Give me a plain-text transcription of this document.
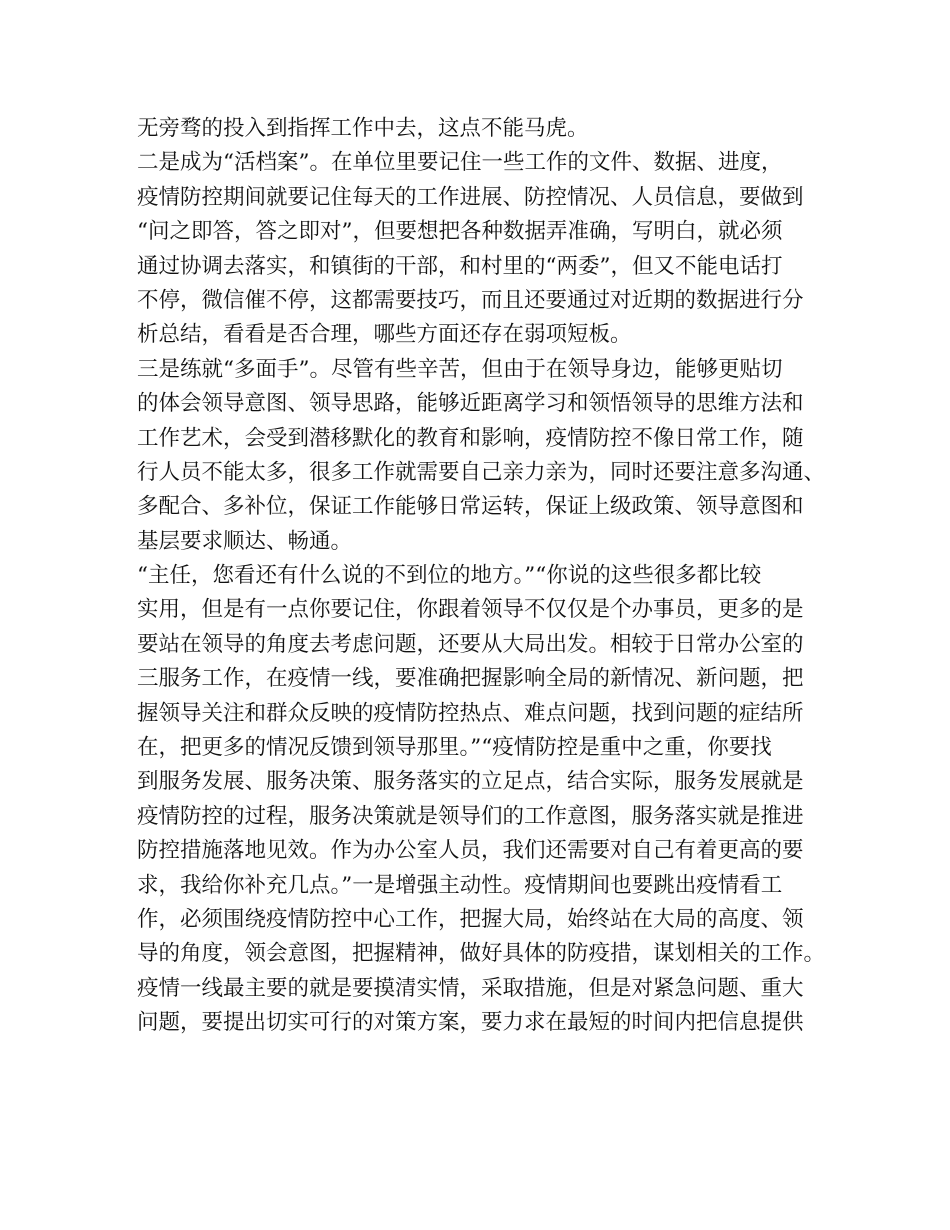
无旁骛的投入到指挥工作中去，这点不能马虎。
二是成为“活档案”。在单位里要记住一些工作的文件、数据、进度，
疫情防控期间就要记住每天的工作进展、防控情况、人员信息，要做到
“问之即答，答之即对”，但要想把各种数据弄准确，写明白，就必须
通过协调去落实，和镇街的干部，和村里的“两委”，但又不能电话打
不停，微信催不停，这都需要技巧，而且还要通过对近期的数据进行分
析总结，看看是否合理，哪些方面还存在弱项短板。
三是练就“多面手”。尽管有些辛苦，但由于在领导身边，能够更贴切
的体会领导意图、领导思路，能够近距离学习和领悟领导的思维方法和
工作艺术，会受到潜移默化的教育和影响，疫情防控不像日常工作，随
行人员不能太多，很多工作就需要自己亲力亲为，同时还要注意多沟通、
多配合、多补位，保证工作能够日常运转，保证上级政策、领导意图和
基层要求顺达、畅通。
“主任，您看还有什么说的不到位的地方。”“你说的这些很多都比较
实用，但是有一点你要记住，你跟着领导不仅仅是个办事员，更多的是
要站在领导的角度去考虑问题，还要从大局出发。相较于日常办公室的
三服务工作，在疫情一线，要准确把握影响全局的新情况、新问题，把
握领导关注和群众反映的疫情防控热点、难点问题，找到问题的症结所
在，把更多的情况反馈到领导那里。”“疫情防控是重中之重，你要找
到服务发展、服务决策、服务落实的立足点，结合实际，服务发展就是
疫情防控的过程，服务决策就是领导们的工作意图，服务落实就是推进
防控措施落地见效。作为办公室人员，我们还需要对自己有着更高的要
求，我给你补充几点。”一是增强主动性。疫情期间也要跳出疫情看工
作，必须围绕疫情防控中心工作，把握大局，始终站在大局的高度、领
导的角度，领会意图，把握精神，做好具体的防疫措，谋划相关的工作。
疫情一线最主要的就是要摸清实情，采取措施，但是对紧急问题、重大
问题，要提出切实可行的对策方案，要力求在最短的时间内把信息提供
